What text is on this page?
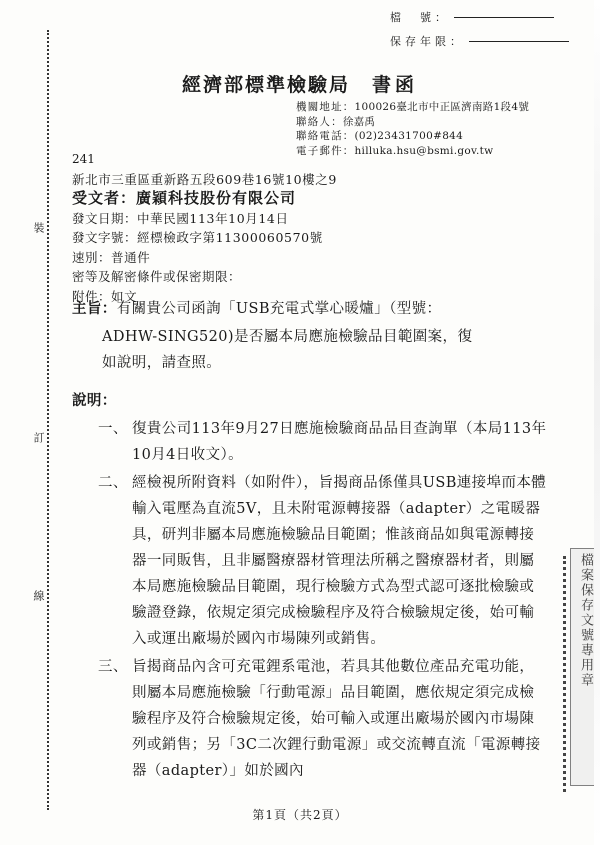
檔　號：
保存年限：
經濟部標準檢驗局 書函
機關地址：100026臺北市中正區濟南路1段4號
聯絡人：徐嘉禹
聯絡電話：(02)23431700#844
電子郵件：hilluka.hsu@bsmi.gov.tw
裝
訂
線
241
新北市三重區重新路五段609巷16號10樓之9
受文者：廣穎科技股份有限公司
發文日期：中華民國113年10月14日
發文字號：經標檢政字第11300060570號
速別：普通件
密等及解密條件或保密期限：
附件：如文
主旨： 有關貴公司函詢「USB充電式掌心暖爐」（型號：
ADHW-SING520)是否屬本局應施檢驗品目範圍案，復
如說明，請查照。
說明：
一、 復貴公司113年9月27日應施檢驗商品品目查詢單（本局113年10月4日收文）。
二、 經檢視所附資料（如附件），旨揭商品係僅具USB連接埠而本體輸入電壓為直流5V，且未附電源轉接器（adapter）之電暖器具，研判非屬本局應施檢驗品目範圍；惟該商品如與電源轉接器一同販售，且非屬醫療器材管理法所稱之醫療器材者，則屬本局應施檢驗品目範圍，現行檢驗方式為型式認可逐批檢驗或驗證登錄，依規定須完成檢驗程序及符合檢驗規定後，始可輸入或運出廠場於國內市場陳列或銷售。
三、 旨揭商品內含可充電鋰系電池，若具其他數位產品充電功能，則屬本局應施檢驗「行動電源」品目範圍，應依規定須完成檢驗程序及符合檢驗規定後，始可輸入或運出廠場於國內市場陳列或銷售；另「3C二次鋰行動電源」或交流轉直流「電源轉接器（adapter）」如於國內
檔案保存文號專用章
第1頁（共2頁）
